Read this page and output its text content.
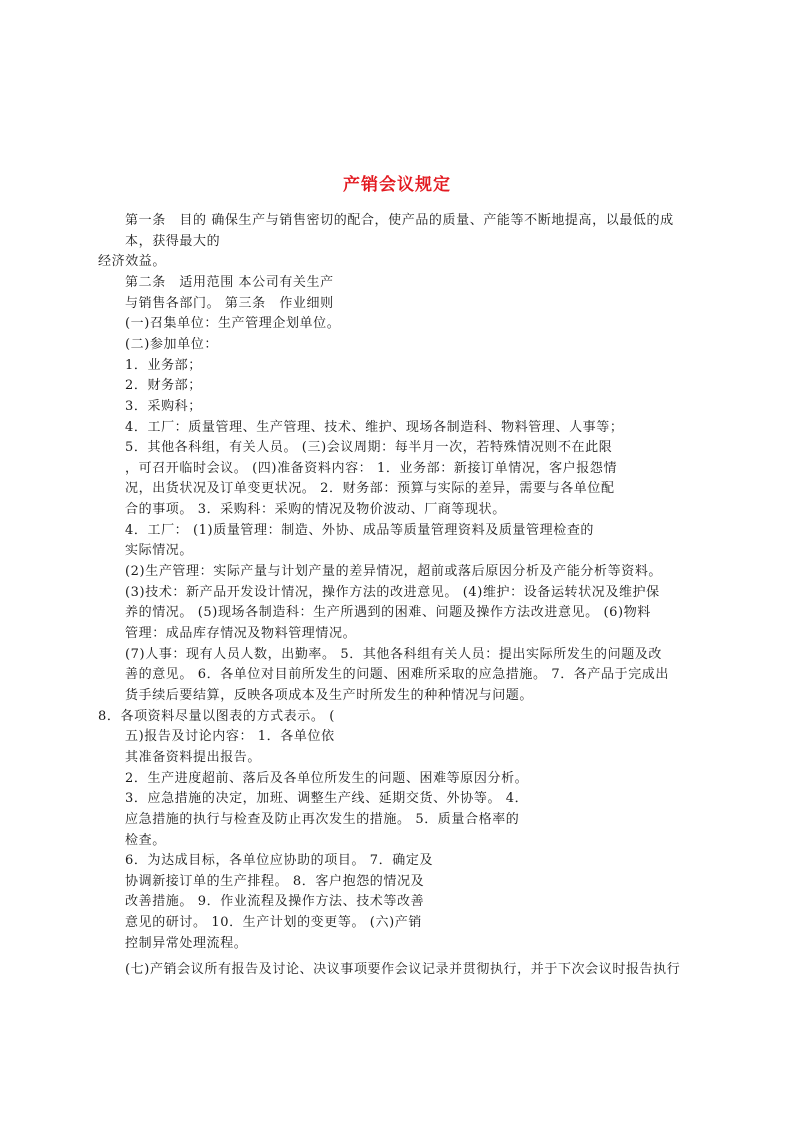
产销会议规定
第一条　目的 确保生产与销售密切的配合，使产品的质量、产能等不断地提高，以最低的成
本，获得最大的
经济效益。
第二条　适用范围 本公司有关生产
与销售各部门。 第三条　作业细则
(一)召集单位：生产管理企划单位。
(二)参加单位：
1．业务部；
2．财务部；
3．采购科；
4．工厂：质量管理、生产管理、技术、维护、现场各制造科、物料管理、人事等；
5．其他各科组，有关人员。 (三)会议周期：每半月一次，若特殊情况则不在此限
，可召开临时会议。 (四)准备资料内容： 1．业务部：新接订单情况，客户报怨情
况，出货状况及订单变更状况。 2．财务部：预算与实际的差异，需要与各单位配
合的事项。 3．采购科：采购的情况及物价波动、厂商等现状。
4．工厂： (1)质量管理：制造、外协、成品等质量管理资料及质量管理检查的
实际情况。
(2)生产管理：实际产量与计划产量的差异情况，超前或落后原因分析及产能分析等资料。
(3)技术：新产品开发设计情况，操作方法的改进意见。 (4)维护：设备运转状况及维护保
养的情况。 (5)现场各制造科：生产所遇到的困难、问题及操作方法改进意见。 (6)物料
管理：成品库存情况及物料管理情况。
(7)人事：现有人员人数，出勤率。 5．其他各科组有关人员：提出实际所发生的问题及改
善的意见。 6．各单位对目前所发生的问题、困难所采取的应急措施。 7．各产品于完成出
货手续后要结算，反映各项成本及生产时所发生的种种情况与问题。
8．各项资料尽量以图表的方式表示。 (
五)报告及讨论内容： 1．各单位依
其准备资料提出报告。
2．生产进度超前、落后及各单位所发生的问题、困难等原因分析。
3．应急措施的决定，加班、调整生产线、延期交货、外协等。 4．
应急措施的执行与检查及防止再次发生的措施。 5．质量合格率的
检查。
6．为达成目标，各单位应协助的项目。 7．确定及
协调新接订单的生产排程。 8．客户抱怨的情况及
改善措施。 9．作业流程及操作方法、技术等改善
意见的研讨。 10．生产计划的变更等。 (六)产销
控制异常处理流程。
(七)产销会议所有报告及讨论、决议事项要作会议记录并贯彻执行，并于下次会议时报告执行
